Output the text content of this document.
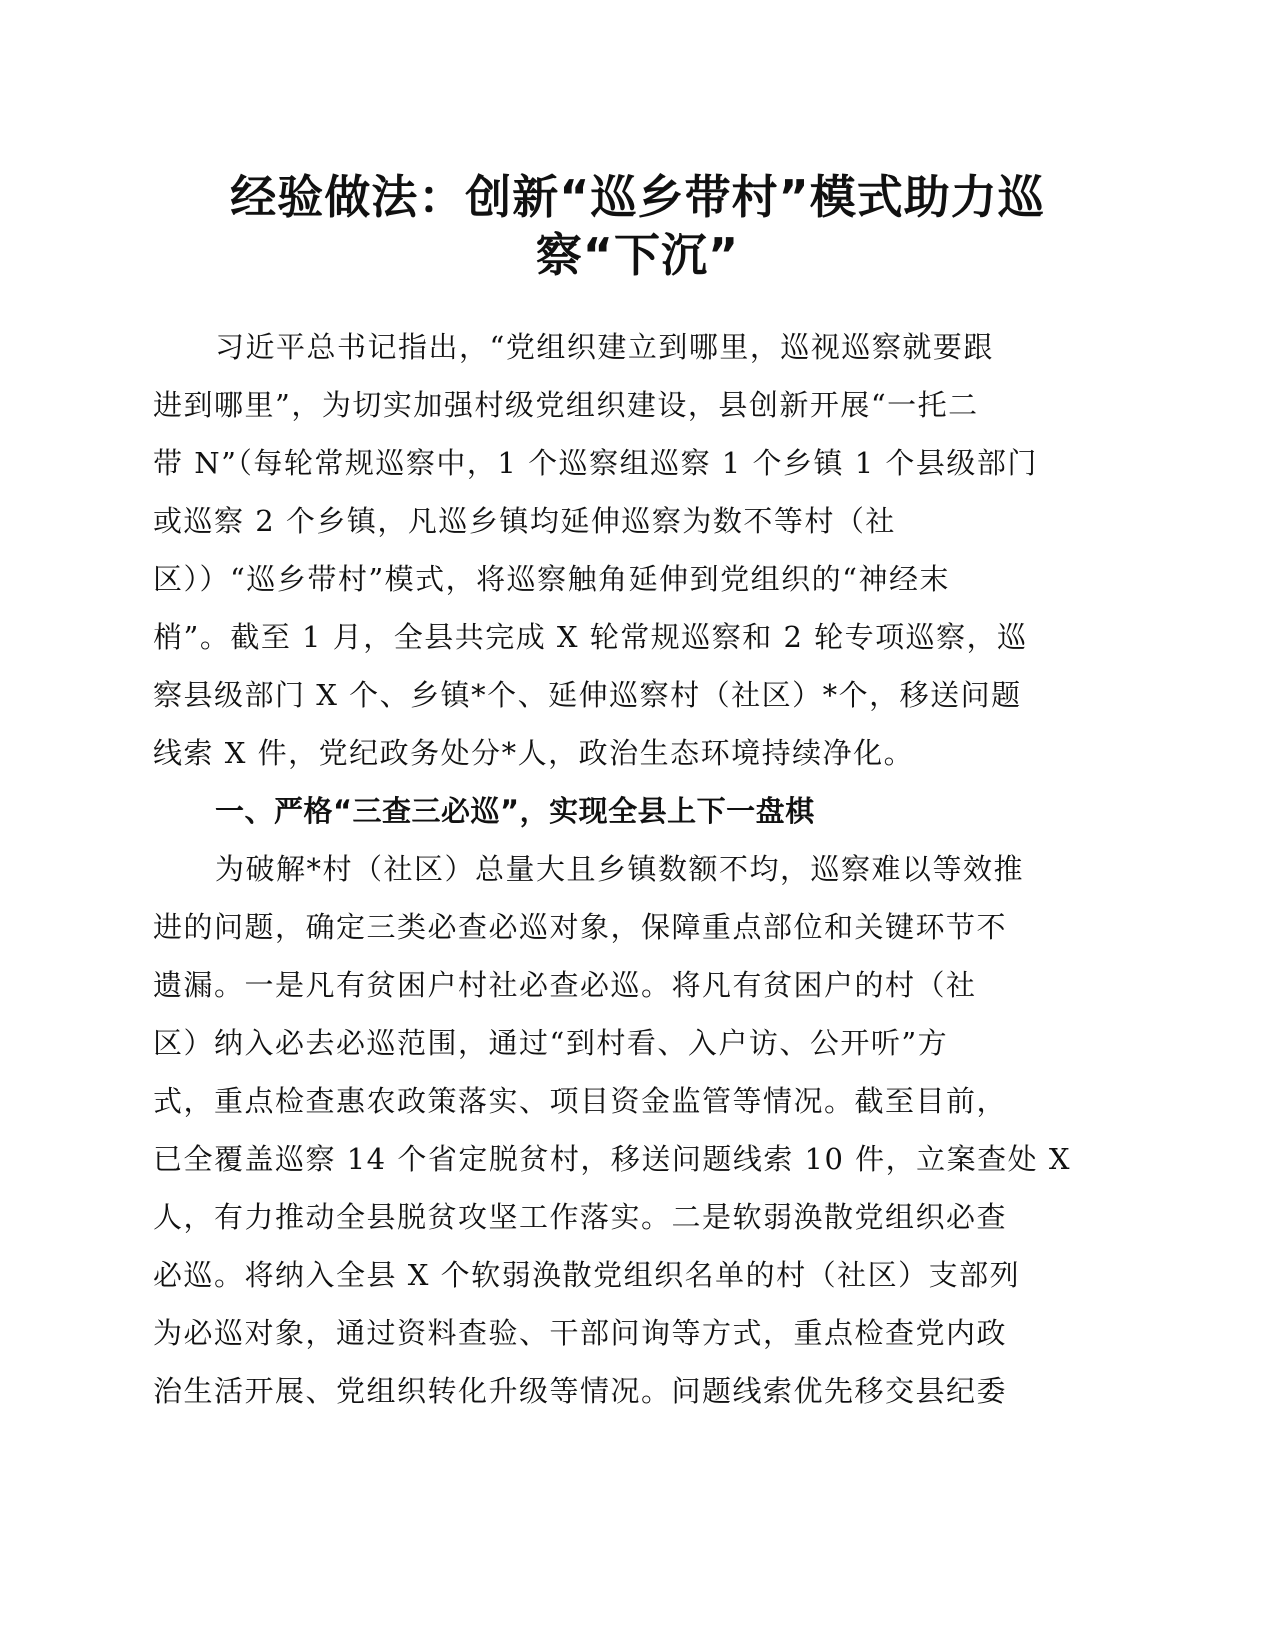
经验做法：创新“巡乡带村”模式助力巡
察“下沉”
习近平总书记指出，“党组织建立到哪里，巡视巡察就要跟
进到哪里”，为切实加强村级党组织建设，县创新开展“一托二
带 N”（每轮常规巡察中，1 个巡察组巡察 1 个乡镇 1 个县级部门
或巡察 2 个乡镇，凡巡乡镇均延伸巡察为数不等村（社
区））“巡乡带村”模式，将巡察触角延伸到党组织的“神经末
梢”。截至 1 月，全县共完成 X 轮常规巡察和 2 轮专项巡察，巡
察县级部门 X 个、乡镇*个、延伸巡察村（社区）*个，移送问题
线索 X 件，党纪政务处分*人，政治生态环境持续净化。
一、严格“三查三必巡”，实现全县上下一盘棋
为破解*村（社区）总量大且乡镇数额不均，巡察难以等效推
进的问题，确定三类必查必巡对象，保障重点部位和关键环节不
遗漏。一是凡有贫困户村社必查必巡。将凡有贫困户的村（社
区）纳入必去必巡范围，通过“到村看、入户访、公开听”方
式，重点检查惠农政策落实、项目资金监管等情况。截至目前，
已全覆盖巡察 14 个省定脱贫村，移送问题线索 10 件，立案查处 X
人，有力推动全县脱贫攻坚工作落实。二是软弱涣散党组织必查
必巡。将纳入全县 X 个软弱涣散党组织名单的村（社区）支部列
为必巡对象，通过资料查验、干部问询等方式，重点检查党内政
治生活开展、党组织转化升级等情况。问题线索优先移交县纪委
